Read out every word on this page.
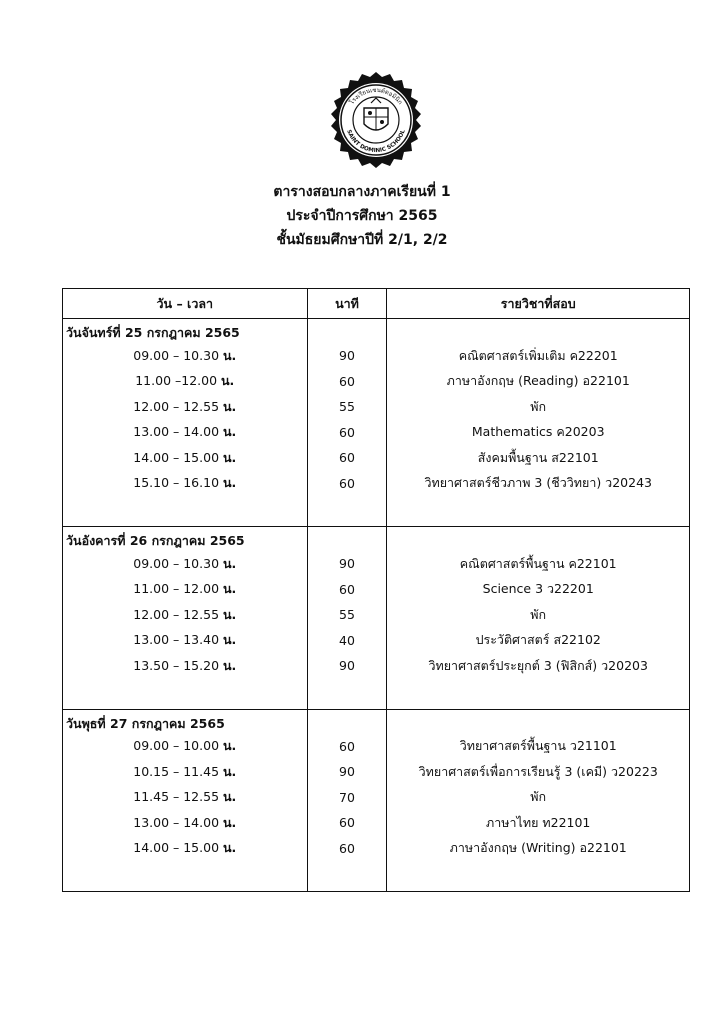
โรงเรียนเซนต์ดอมินิก
SAINT DOMINIC SCHOOL
ตารางสอบกลางภาคเรียนที่ 1
ประจำปีการศึกษา 2565
ชั้นมัธยมศึกษาปีที่ 2/1, 2/2
วัน – เวลา	นาที	รายวิชาที่สอบ
วันจันทร์ที่ 25 กรกฎาคม 2565		
09.00 – 10.30 น.	90	คณิตศาสตร์เพิ่มเติม ค22201
11.00 –12.00 น.	60	ภาษาอังกฤษ (Reading) อ22101
12.00 – 12.55 น.	55	พัก
13.00 – 14.00 น.	60	Mathematics ค20203
14.00 – 15.00 น.	60	สังคมพื้นฐาน ส22101
15.10 – 16.10 น.	60	วิทยาศาสตร์ชีวภาพ 3 (ชีววิทยา) ว20243

วันอังคารที่ 26 กรกฎาคม 2565		
09.00 – 10.30 น.	90	คณิตศาสตร์พื้นฐาน ค22101
11.00 – 12.00 น.	60	Science 3 ว22201
12.00 – 12.55 น.	55	พัก
13.00 – 13.40 น.	40	ประวัติศาสตร์ ส22102
13.50 – 15.20 น.	90	วิทยาศาสตร์ประยุกต์ 3 (ฟิสิกส์) ว20203

วันพุธที่ 27 กรกฎาคม 2565		
09.00 – 10.00 น.	60	วิทยาศาสตร์พื้นฐาน ว21101
10.15 – 11.45 น.	90	วิทยาศาสตร์เพื่อการเรียนรู้ 3 (เคมี) ว20223
11.45 – 12.55 น.	70	พัก
13.00 – 14.00 น.	60	ภาษาไทย ท22101
14.00 – 15.00 น.	60	ภาษาอังกฤษ (Writing) อ22101
